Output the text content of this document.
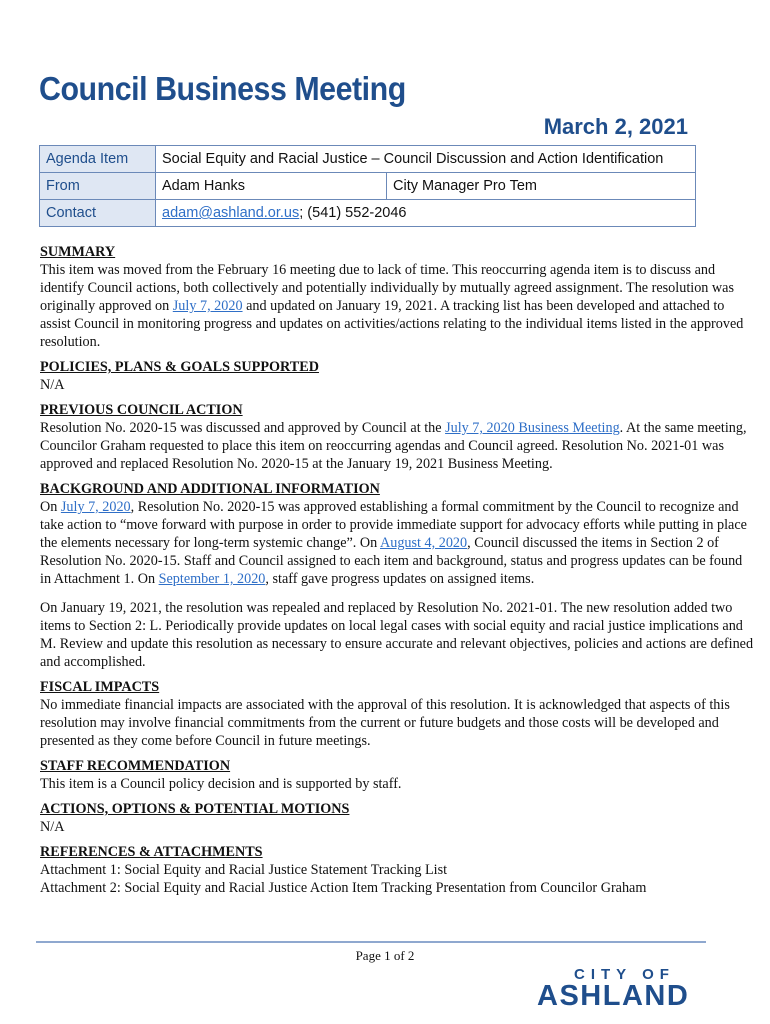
Council Business Meeting
March 2, 2021
Agenda Item	Social Equity and Racial Justice – Council Discussion and Action Identification	
From	Adam Hanks	City Manager Pro Tem
Contact	adam@ashland.or.us; (541) 552-2046	

SUMMARY

This item was moved from the February 16 meeting due to lack of time. This reoccurring agenda item is to discuss and identify Council actions, both collectively and potentially individually by mutually agreed assignment. The resolution was originally approved on July 7, 2020 and updated on January 19, 2021. A tracking list has been developed and attached to assist Council in monitoring progress and updates on activities/actions relating to the individual items listed in the approved resolution.

POLICIES, PLANS & GOALS SUPPORTED

N/A

PREVIOUS COUNCIL ACTION

Resolution No. 2020-15 was discussed and approved by Council at the July 7, 2020 Business Meeting. At the same meeting, Councilor Graham requested to place this item on reoccurring agendas and Council agreed. Resolution No. 2021-01 was approved and replaced Resolution No. 2020-15 at the January 19, 2021 Business Meeting.

BACKGROUND AND ADDITIONAL INFORMATION

On July 7, 2020, Resolution No. 2020-15 was approved establishing a formal commitment by the Council to recognize and take action to “move forward with purpose in order to provide immediate support for advocacy efforts while putting in place the elements necessary for long-term systemic change”. On August 4, 2020, Council discussed the items in Section 2 of Resolution No. 2020-15. Staff and Council assigned to each item and background, status and progress updates can be found in Attachment 1. On September 1, 2020, staff gave progress updates on assigned items.

On January 19, 2021, the resolution was repealed and replaced by Resolution No. 2021-01. The new resolution added two items to Section 2: L. Periodically provide updates on local legal cases with social equity and racial justice implications and M. Review and update this resolution as necessary to ensure accurate and relevant objectives, policies and actions are defined and accomplished.

FISCAL IMPACTS

No immediate financial impacts are associated with the approval of this resolution. It is acknowledged that aspects of this resolution may involve financial commitments from the current or future budgets and those costs will be developed and presented as they come before Council in future meetings.

STAFF RECOMMENDATION

This item is a Council policy decision and is supported by staff.

ACTIONS, OPTIONS & POTENTIAL MOTIONS

N/A

REFERENCES & ATTACHMENTS

Attachment 1: Social Equity and Racial Justice Statement Tracking List

Attachment 2: Social Equity and Racial Justice Action Item Tracking Presentation from Councilor Graham

Page 1 of 2
CITY OF
ASHLAND
